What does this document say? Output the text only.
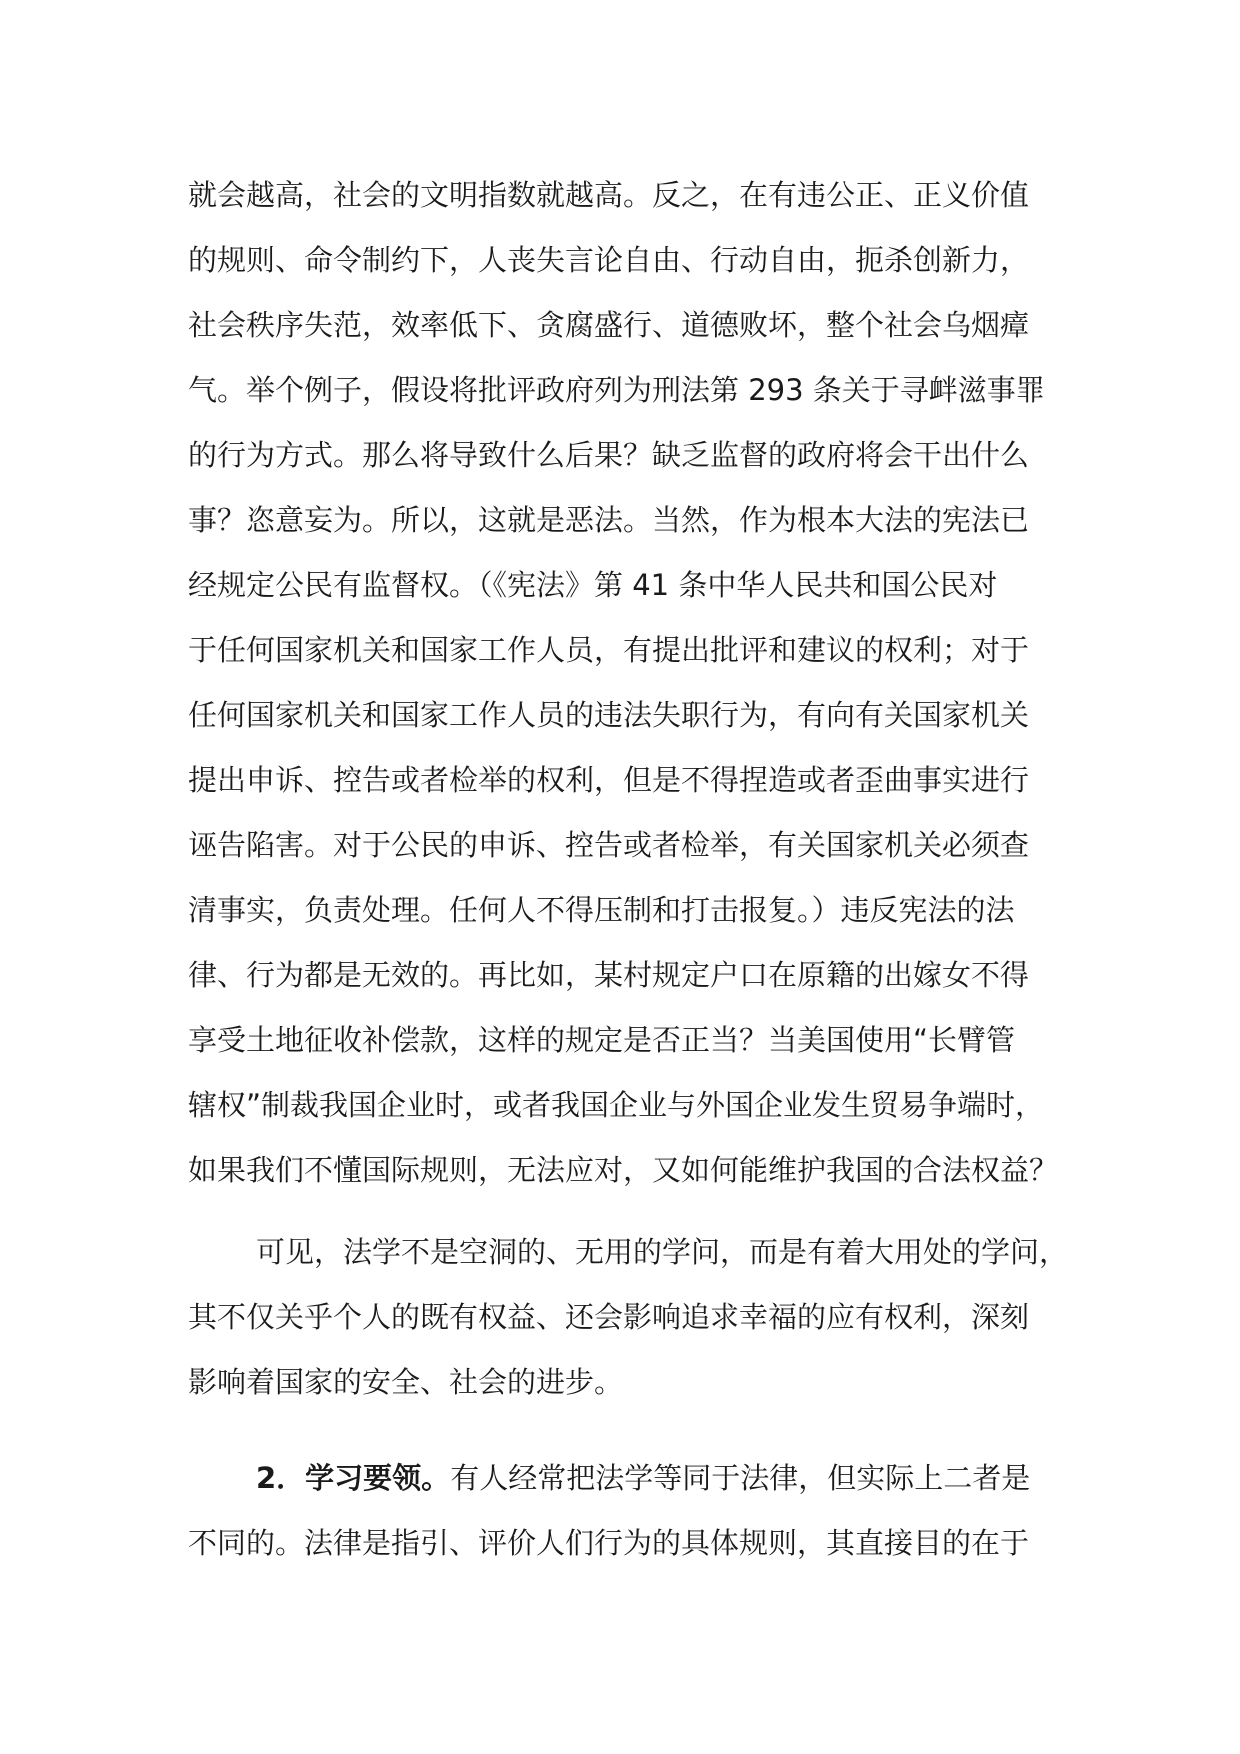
就会越高，社会的文明指数就越高。反之，在有违公正、正义价值
的规则、命令制约下，人丧失言论自由、行动自由，扼杀创新力，
社会秩序失范，效率低下、贪腐盛行、道德败坏，整个社会乌烟瘴
气。举个例子，假设将批评政府列为刑法第 293 条关于寻衅滋事罪
的行为方式。那么将导致什么后果？缺乏监督的政府将会干出什么
事？恣意妄为。所以，这就是恶法。当然，作为根本大法的宪法已
经规定公民有监督权。（《宪法》第 41 条中华人民共和国公民对
于任何国家机关和国家工作人员，有提出批评和建议的权利；对于
任何国家机关和国家工作人员的违法失职行为，有向有关国家机关
提出申诉、控告或者检举的权利，但是不得捏造或者歪曲事实进行
诬告陷害。对于公民的申诉、控告或者检举，有关国家机关必须查
清事实，负责处理。任何人不得压制和打击报复。）违反宪法的法
律、行为都是无效的。再比如，某村规定户口在原籍的出嫁女不得
享受土地征收补偿款，这样的规定是否正当？当美国使用“长臂管
辖权”制裁我国企业时，或者我国企业与外国企业发生贸易争端时，
如果我们不懂国际规则，无法应对，又如何能维护我国的合法权益？
可见，法学不是空洞的、无用的学问，而是有着大用处的学问，
其不仅关乎个人的既有权益、还会影响追求幸福的应有权利，深刻
影响着国家的安全、社会的进步。
2．学习要领。有人经常把法学等同于法律，但实际上二者是
不同的。法律是指引、评价人们行为的具体规则，其直接目的在于
